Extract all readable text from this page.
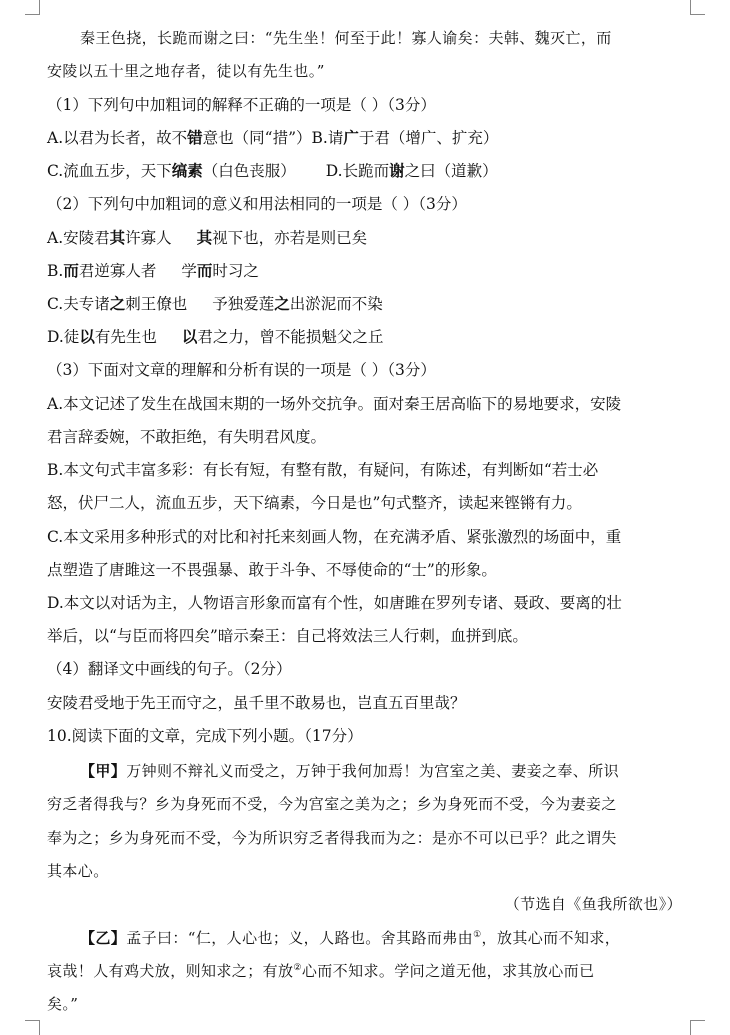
秦王色挠，长跪而谢之曰：“先生坐！何至于此！寡人谕矣：夫韩、魏灭亡，而
安陵以五十里之地存者，徒以有先生也。”
（1）下列句中加粗词的解释不正确的一项是（ ）（3分）
A.以君为长者，故不错意也（同“措”）B.请广于君（增广、扩充）
C.流血五步，天下缟素（白色丧服） D.长跪而谢之曰（道歉）
（2）下列句中加粗词的意义和用法相同的一项是（ ）（3分）
A.安陵君其许寡人 其视下也，亦若是则已矣
B.而君逆寡人者 学而时习之
C.夫专诸之刺王僚也 予独爱莲之出淤泥而不染
D.徒以有先生也 以君之力，曾不能损魁父之丘
（3）下面对文章的理解和分析有误的一项是（ ）（3分）
A.本文记述了发生在战国末期的一场外交抗争。面对秦王居高临下的易地要求，安陵
君言辞委婉，不敢拒绝，有失明君风度。
B.本文句式丰富多彩：有长有短，有整有散，有疑问，有陈述，有判断如“若士必
怒，伏尸二人，流血五步，天下缟素，今日是也”句式整齐，读起来铿锵有力。
C.本文采用多种形式的对比和衬托来刻画人物，在充满矛盾、紧张激烈的场面中，重
点塑造了唐雎这一不畏强暴、敢于斗争、不辱使命的“士”的形象。
D.本文以对话为主，人物语言形象而富有个性，如唐雎在罗列专诸、聂政、要离的壮
举后，以“与臣而将四矣”暗示秦王：自己将效法三人行刺，血拼到底。
（4）翻译文中画线的句子。（2分）
安陵君受地于先王而守之，虽千里不敢易也，岂直五百里哉？
10.阅读下面的文章，完成下列小题。（17分）
【甲】万钟则不辩礼义而受之，万钟于我何加焉！为宫室之美、妻妾之奉、所识
穷乏者得我与？乡为身死而不受，今为宫室之美为之；乡为身死而不受，今为妻妾之
奉为之；乡为身死而不受，今为所识穷乏者得我而为之：是亦不可以已乎？此之谓失
其本心。
（节选自《鱼我所欲也》）
【乙】孟子曰：“仁，人心也；义，人路也。舍其路而弗由①，放其心而不知求，
哀哉！人有鸡犬放，则知求之；有放②心而不知求。学问之道无他，求其放心而已
矣。”
